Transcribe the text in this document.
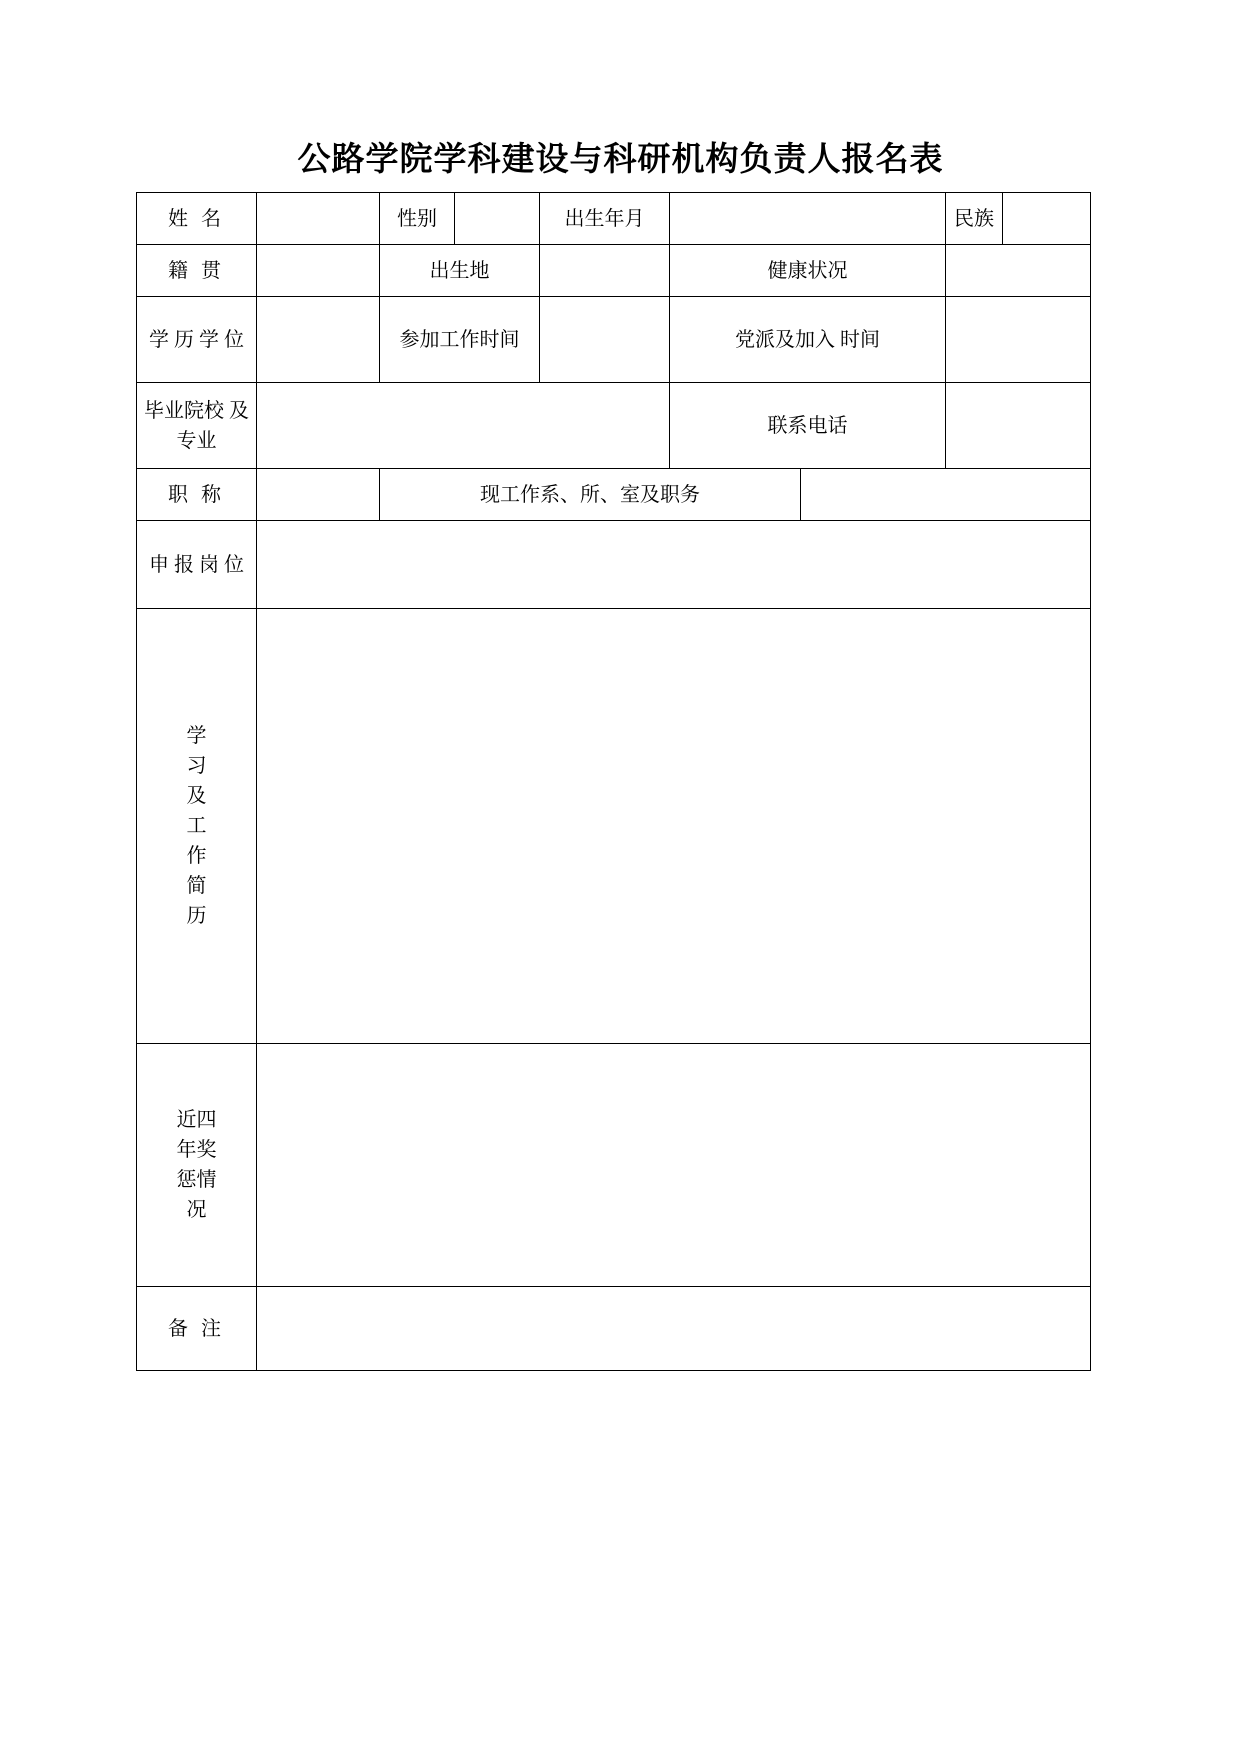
公路学院学科建设与科研机构负责人报名表
姓 名		性别		出生年月			民族	
籍 贯		出生地			健康状况			
学 历 学 位		参加工作时间			党派及加入 时间			
毕业院校 及专业					联系电话			
职 称		现工作系、所、室及职务						
申 报 岗 位								

学
习
及
工
作
简
历

近四
年奖
惩情
况								

备 注								
